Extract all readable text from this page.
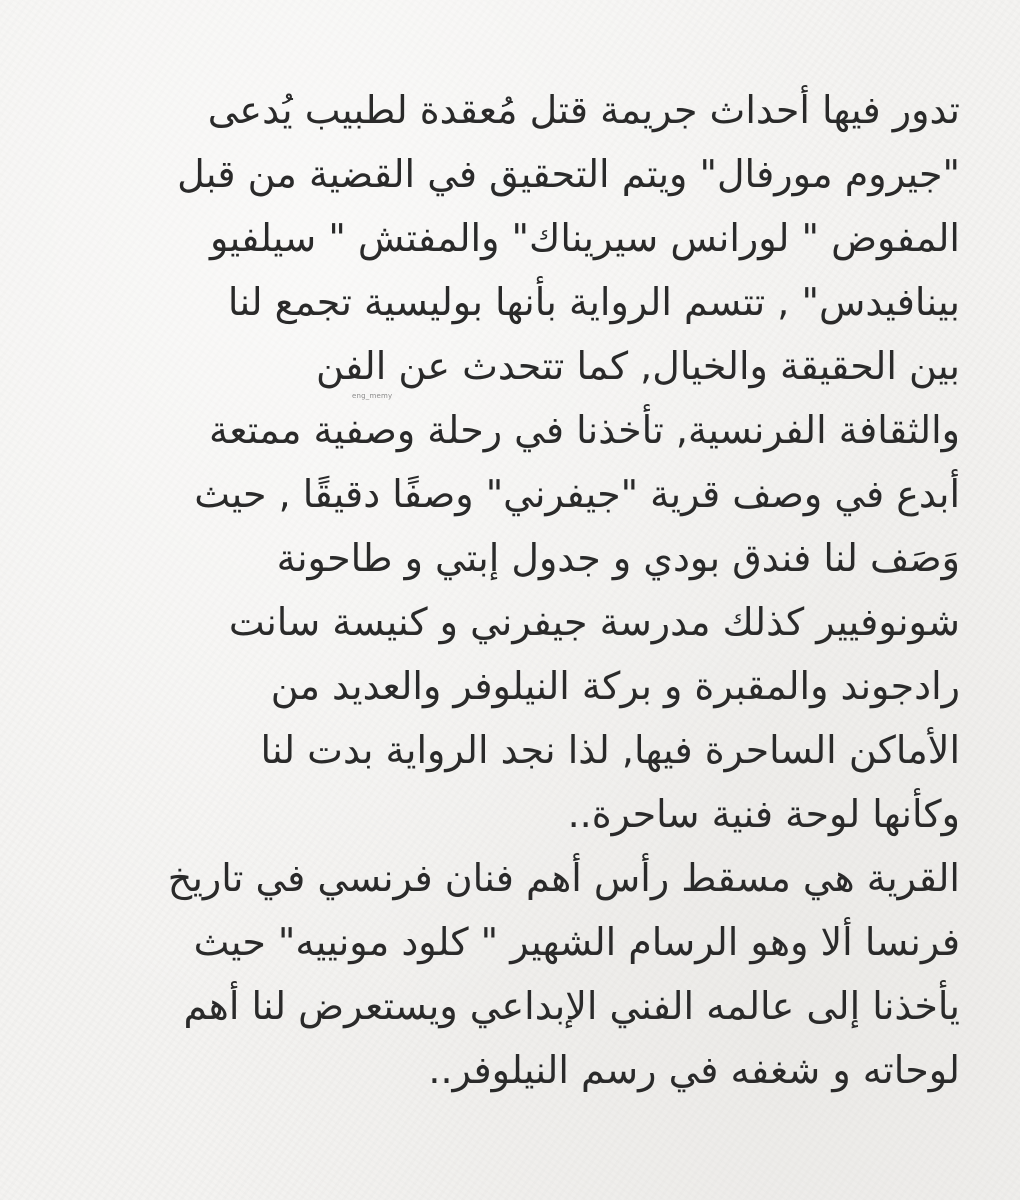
تدور فيها أحداث جريمة قتل مُعقدة لطبيب يُدعى
"جيروم مورفال" ويتم التحقيق في القضية من قبل
المفوض " لورانس سيريناك" والمفتش " سيلفيو
بينافيدس" , تتسم الرواية بأنها بوليسية تجمع لنا
بين الحقيقة والخيال, كما تتحدث عن الفن
والثقافة الفرنسية, تأخذنا في رحلة وصفية ممتعة
أبدع في وصف قرية "جيفرني" وصفًا دقيقًا , حيث
وَصَف لنا فندق بودي و جدول إبتي و طاحونة
شونوفيير كذلك مدرسة جيفرني و كنيسة سانت
رادجوند والمقبرة و بركة النيلوفر والعديد من
الأماكن الساحرة فيها, لذا نجد الرواية بدت لنا
وكأنها لوحة فنية ساحرة..
القرية هي مسقط رأس أهم فنان فرنسي في تاريخ
فرنسا ألا وهو الرسام الشهير " كلود مونييه" حيث
يأخذنا إلى عالمه الفني الإبداعي ويستعرض لنا أهم
لوحاته و شغفه في رسم النيلوفر..
eng_memy
